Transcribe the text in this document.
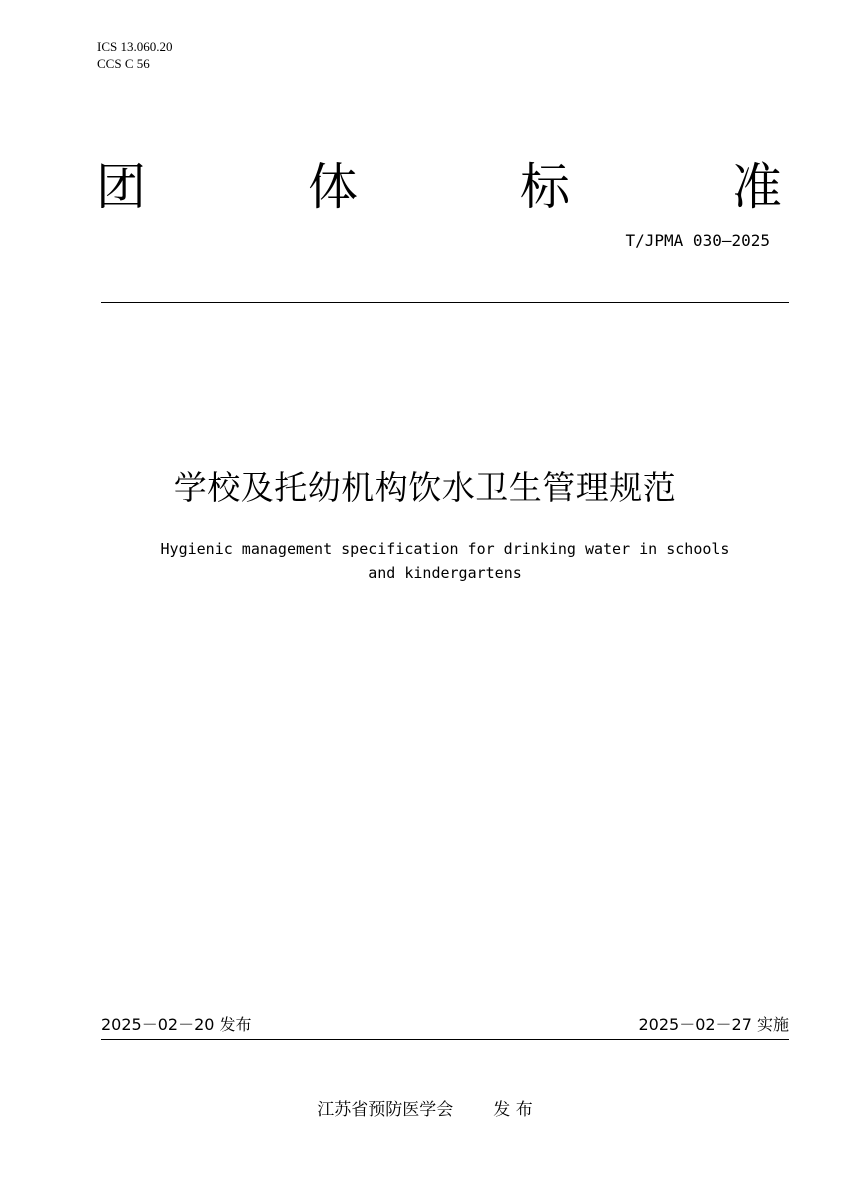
ICS 13.060.20
CCS C 56
团	体	标	准
T/JPMA 030—2025
学校及托幼机构饮水卫生管理规范
Hygienic management specification for drinking water in schools
and kindergartens
2025－02－20 发布	2025－02－27 实施
江苏省预防医学会 发 布
